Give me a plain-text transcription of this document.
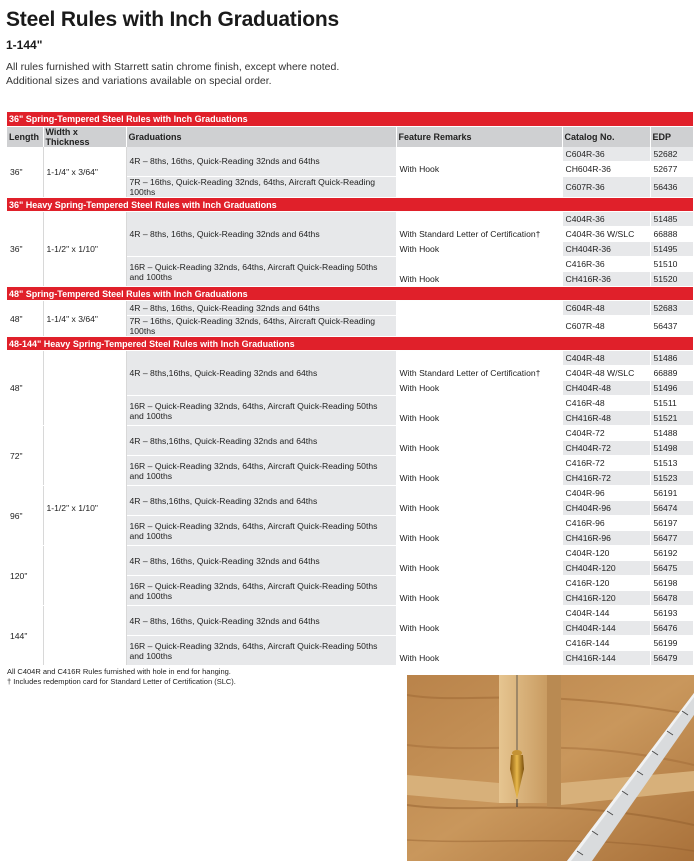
Steel Rules with Inch Graduations
1-144"
All rules furnished with Starrett satin chrome finish, except where noted.
Additional sizes and variations available on special order.
36" Spring-Tempered Steel Rules with Inch Graduations					
Length	Width x Thickness	Graduations	Feature Remarks	Catalog No.	EDP
36"	1-1/4" x 3/64"	4R – 8ths, 16ths, Quick-Reading 32nds and 64ths		C604R-36	52682
			With Hook	CH604R-36	52677
		7R – 16ths, Quick-Reading 32nds, 64ths, Aircraft Quick-Reading 100ths		C607R-36	56436
36" Heavy Spring-Tempered Steel Rules with Inch Graduations					
36"	1-1/2" x 1/10"	4R – 8ths, 16ths, Quick-Reading 32nds and 64ths		C404R-36	51485
			With Standard Letter of Certification†	C404R-36 W/SLC	66888
			With Hook	CH404R-36	51495
		16R – Quick-Reading 32nds, 64ths, Aircraft Quick-Reading 50ths and 100ths		C416R-36	51510
			With Hook	CH416R-36	51520
48" Spring-Tempered Steel Rules with Inch Graduations					
48"	1-1/4" x 3/64"	4R – 8ths, 16ths, Quick-Reading 32nds and 64ths		C604R-48	52683
		7R – 16ths, Quick-Reading 32nds, 64ths, Aircraft Quick-Reading 100ths		C607R-48	56437
48-144" Heavy Spring-Tempered Steel Rules with Inch Graduations					
48"	1-1/2" x 1/10"	4R – 8ths,16ths, Quick-Reading 32nds and 64ths		C404R-48	51486
			With Standard Letter of Certification†	C404R-48 W/SLC	66889
			With Hook	CH404R-48	51496
		16R – Quick-Reading 32nds, 64ths, Aircraft Quick-Reading 50ths and 100ths		C416R-48	51511
			With Hook	CH416R-48	51521
72"		4R – 8ths,16ths, Quick-Reading 32nds and 64ths		C404R-72	51488
			With Hook	CH404R-72	51498
		16R – Quick-Reading 32nds, 64ths, Aircraft Quick-Reading 50ths and 100ths		C416R-72	51513
			With Hook	CH416R-72	51523
96"		4R – 8ths,16ths, Quick-Reading 32nds and 64ths		C404R-96	56191
			With Hook	CH404R-96	56474
		16R – Quick-Reading 32nds, 64ths, Aircraft Quick-Reading 50ths and 100ths		C416R-96	56197
			With Hook	CH416R-96	56477
120"		4R – 8ths, 16ths, Quick-Reading 32nds and 64ths		C404R-120	56192
			With Hook	CH404R-120	56475
		16R – Quick-Reading 32nds, 64ths, Aircraft Quick-Reading 50ths and 100ths		C416R-120	56198
			With Hook	CH416R-120	56478
144"		4R – 8ths, 16ths, Quick-Reading 32nds and 64ths		C404R-144	56193
			With Hook	CH404R-144	56476
		16R – Quick-Reading 32nds, 64ths, Aircraft Quick-Reading 50ths and 100ths		C416R-144	56199
			With Hook	CH416R-144	56479
All C404R and C416R Rules furnished with hole in end for hanging.
† Includes redemption card for Standard Letter of Certification (SLC).
